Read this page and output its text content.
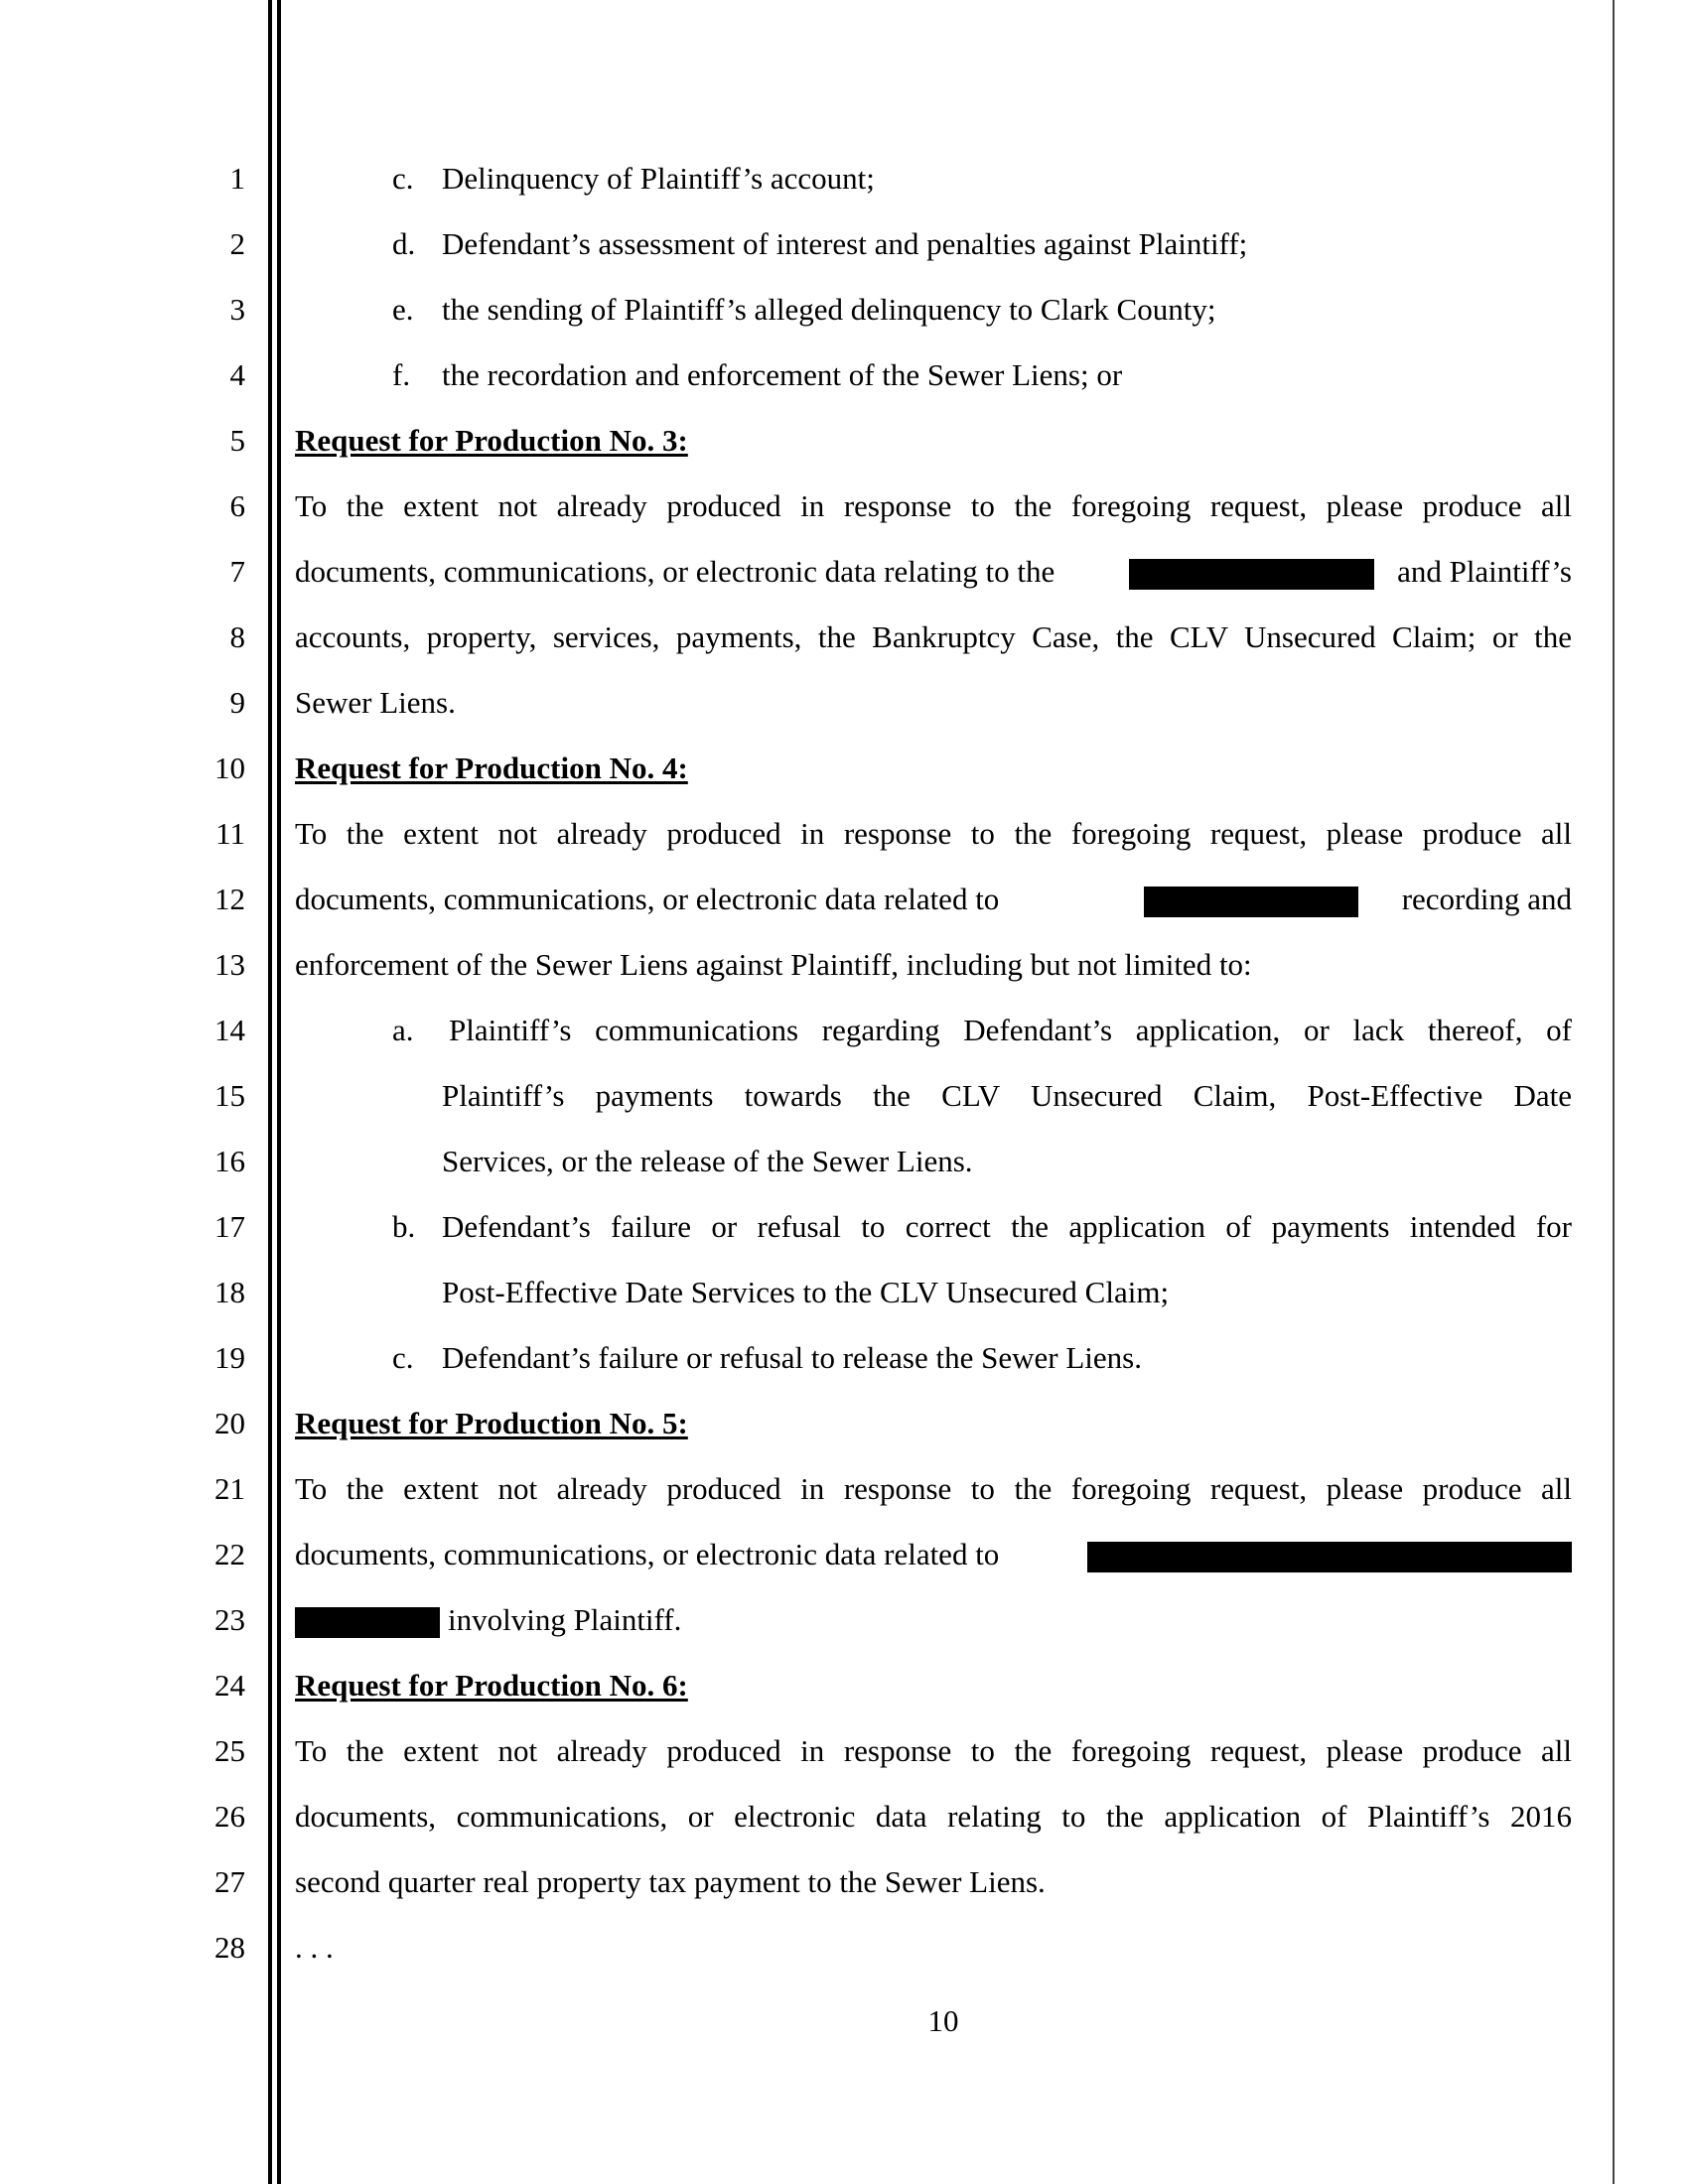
1
2
3
4
5
6
7
8
9
10
11
12
13
14
15
16
17
18
19
20
21
22
23
24
25
26
27
28
c. Delinquency of Plaintiff’s account;
d. Defendant’s assessment of interest and penalties against Plaintiff;
e. the sending of Plaintiff’s alleged delinquency to Clark County;
f. the recordation and enforcement of the Sewer Liens; or
Request for Production No. 3:
To the extent not already produced in response to the foregoing request, please produce all
documents, communications, or electronic data relating to the	and Plaintiff’s
accounts, property, services, payments, the Bankruptcy Case, the CLV Unsecured Claim; or the
Sewer Liens.
Request for Production No. 4:
To the extent not already produced in response to the foregoing request, please produce all
documents, communications, or electronic data related to	recording and
enforcement of the Sewer Liens against Plaintiff, including but not limited to:
a. Plaintiff’s communications regarding Defendant’s application, or lack thereof, of
Plaintiff’s payments towards the CLV Unsecured Claim, Post-Effective Date
Services, or the release of the Sewer Liens.
b. Defendant’s failure or refusal to correct the application of payments intended for
Post-Effective Date Services to the CLV Unsecured Claim;
c. Defendant’s failure or refusal to release the Sewer Liens.
Request for Production No. 5:
To the extent not already produced in response to the foregoing request, please produce all
documents, communications, or electronic data related to
involving Plaintiff.
Request for Production No. 6:
To the extent not already produced in response to the foregoing request, please produce all
documents, communications, or electronic data relating to the application of Plaintiff’s 2016
second quarter real property tax payment to the Sewer Liens.
. . .
10
